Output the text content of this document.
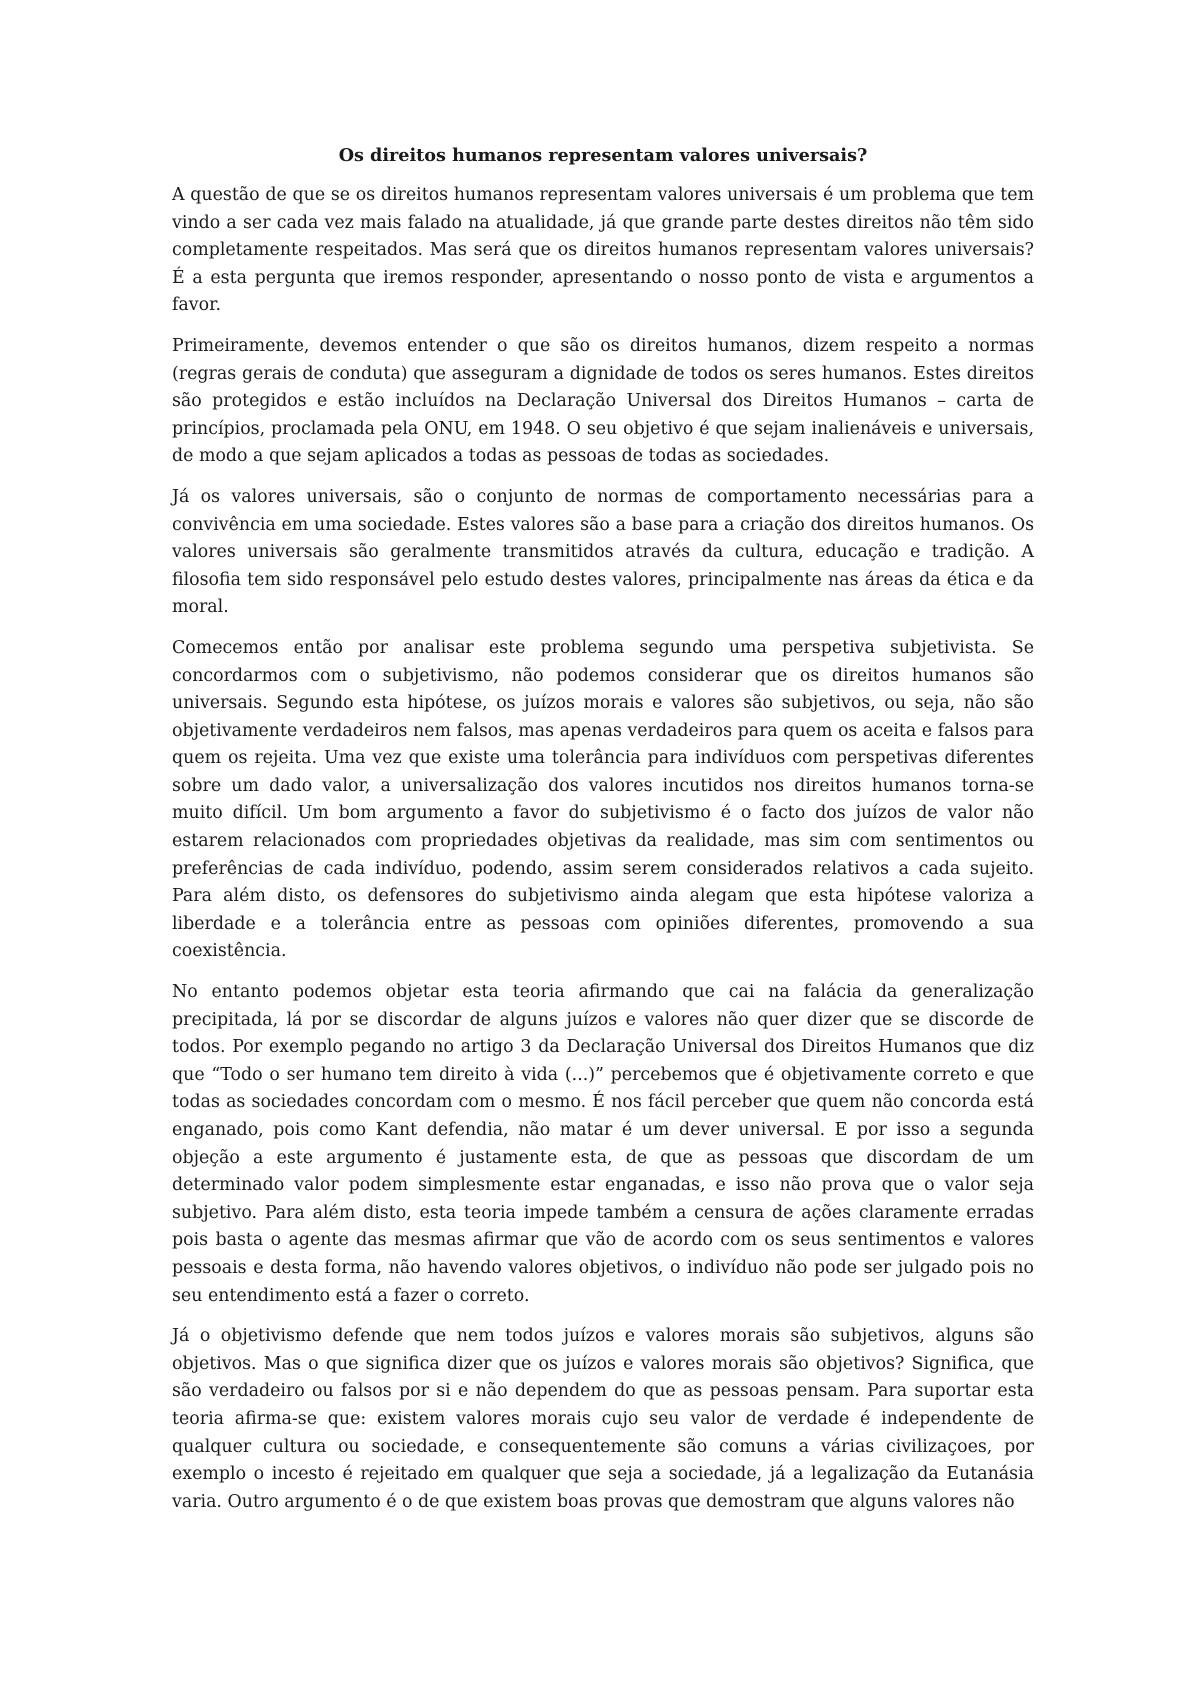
Os direitos humanos representam valores universais?

A questão de que se os direitos humanos representam valores universais é um problema que tem vindo a ser cada vez mais falado na atualidade, já que grande parte destes direitos não têm sido completamente respeitados. Mas será que os direitos humanos representam valores universais? É a esta pergunta que iremos responder, apresentando o nosso ponto de vista e argumentos a favor.

Primeiramente, devemos entender o que são os direitos humanos, dizem respeito a normas (regras gerais de conduta) que asseguram a dignidade de todos os seres humanos. Estes direitos são protegidos e estão incluídos na Declaração Universal dos Direitos Humanos – carta de princípios, proclamada pela ONU, em 1948. O seu objetivo é que sejam inalienáveis e universais, de modo a que sejam aplicados a todas as pessoas de todas as sociedades.

Já os valores universais, são o conjunto de normas de comportamento necessárias para a convivência em uma sociedade. Estes valores são a base para a criação dos direitos humanos. Os valores universais são geralmente transmitidos através da cultura, educação e tradição. A filosofia tem sido responsável pelo estudo destes valores, principalmente nas áreas da ética e da moral.

Comecemos então por analisar este problema segundo uma perspetiva subjetivista. Se concordarmos com o subjetivismo, não podemos considerar que os direitos humanos são universais. Segundo esta hipótese, os juízos morais e valores são subjetivos, ou seja, não são objetivamente verdadeiros nem falsos, mas apenas verdadeiros para quem os aceita e falsos para quem os rejeita. Uma vez que existe uma tolerância para indivíduos com perspetivas diferentes sobre um dado valor, a universalização dos valores incutidos nos direitos humanos torna-se muito difícil. Um bom argumento a favor do subjetivismo é o facto dos juízos de valor não estarem relacionados com propriedades objetivas da realidade, mas sim com sentimentos ou preferências de cada indivíduo, podendo, assim serem considerados relativos a cada sujeito. Para além disto, os defensores do subjetivismo ainda alegam que esta hipótese valoriza a liberdade e a tolerância entre as pessoas com opiniões diferentes, promovendo a sua coexistência.

No entanto podemos objetar esta teoria afirmando que cai na falácia da generalização precipitada, lá por se discordar de alguns juízos e valores não quer dizer que se discorde de todos. Por exemplo pegando no artigo 3 da Declaração Universal dos Direitos Humanos que diz que “Todo o ser humano tem direito à vida (...)” percebemos que é objetivamente correto e que todas as sociedades concordam com o mesmo. É nos fácil perceber que quem não concorda está enganado, pois como Kant defendia, não matar é um dever universal. E por isso a segunda objeção a este argumento é justamente esta, de que as pessoas que discordam de um determinado valor podem simplesmente estar enganadas, e isso não prova que o valor seja subjetivo. Para além disto, esta teoria impede também a censura de ações claramente erradas pois basta o agente das mesmas afirmar que vão de acordo com os seus sentimentos e valores pessoais e desta forma, não havendo valores objetivos, o indivíduo não pode ser julgado pois no seu entendimento está a fazer o correto.

Já o objetivismo defende que nem todos juízos e valores morais são subjetivos, alguns são objetivos. Mas o que significa dizer que os juízos e valores morais são objetivos? Significa, que são verdadeiro ou falsos por si e não dependem do que as pessoas pensam. Para suportar esta teoria afirma-se que: existem valores morais cujo seu valor de verdade é independente de qualquer cultura ou sociedade, e consequentemente são comuns a várias civilizaçoes, por exemplo o incesto é rejeitado em qualquer que seja a sociedade, já a legalização da Eutanásia varia. Outro argumento é o de que existem boas provas que demostram que alguns valores não
